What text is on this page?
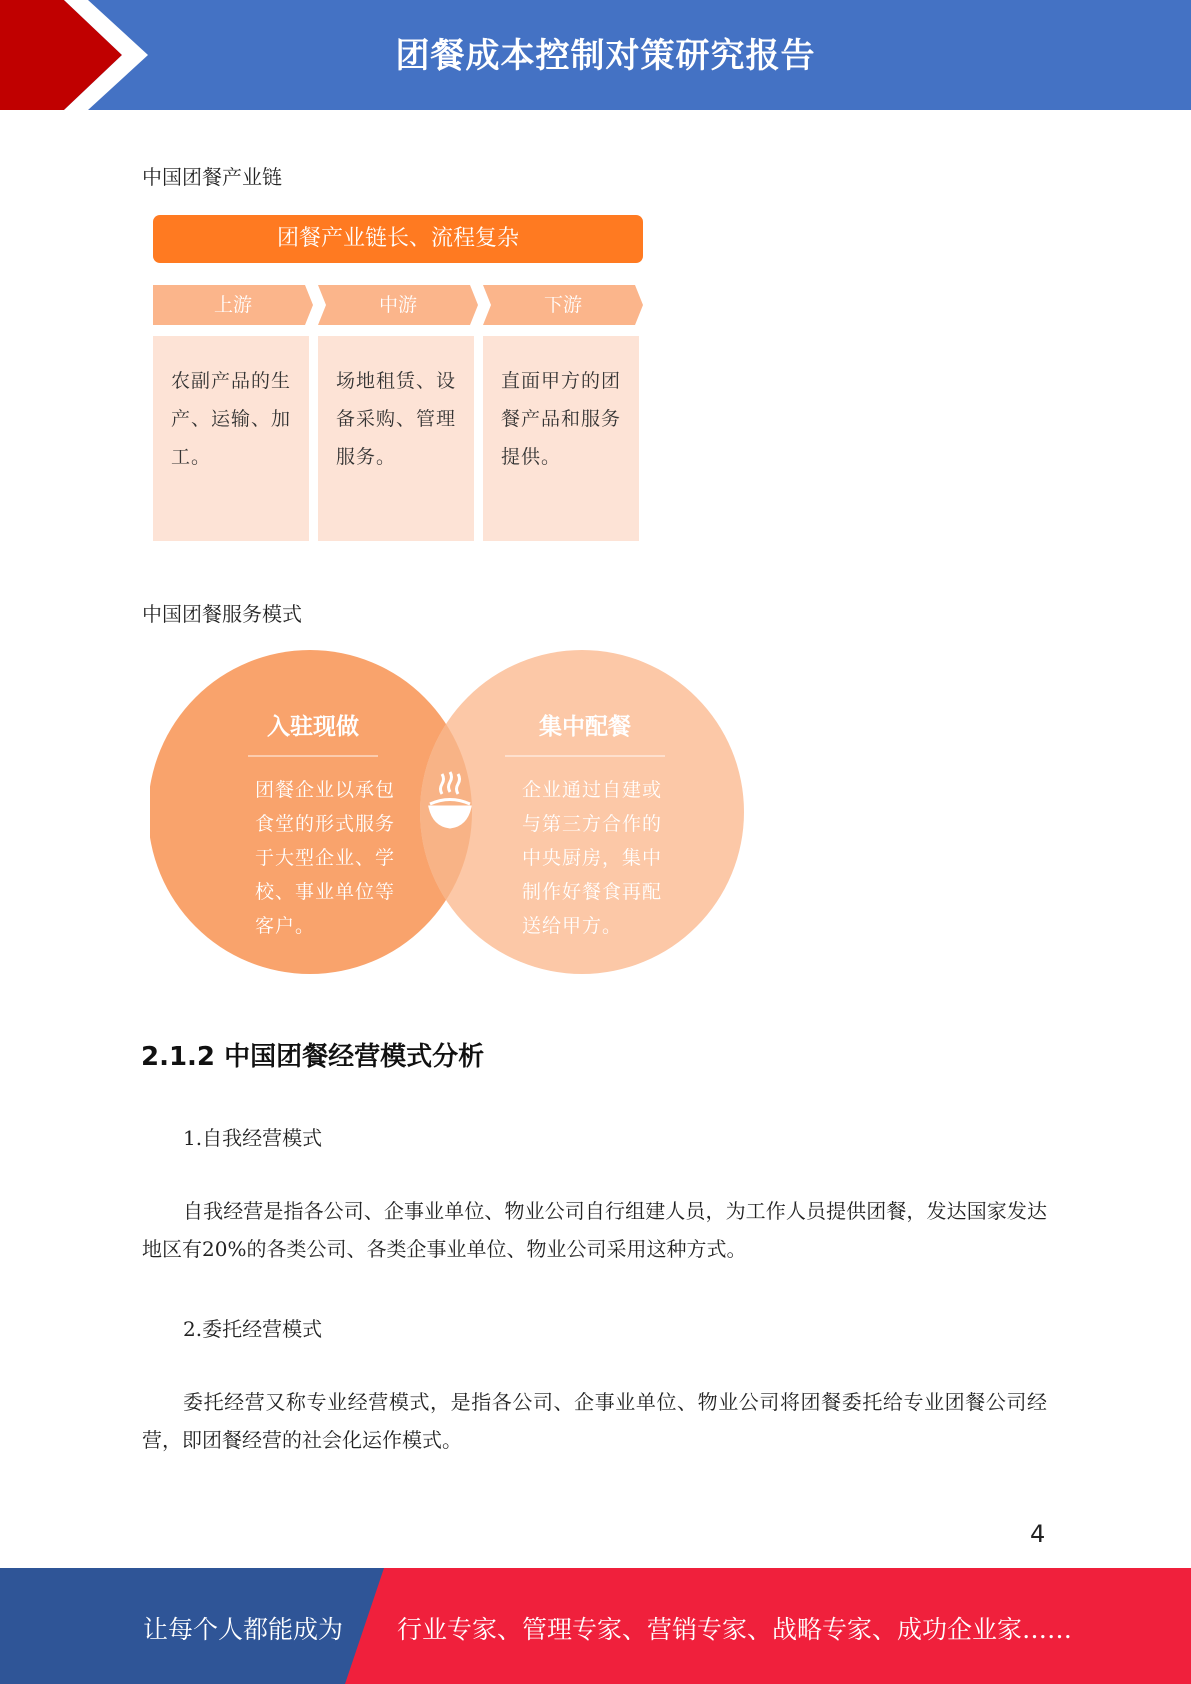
团餐成本控制对策研究报告
中国团餐产业链
团餐产业链长、流程复杂
上游	中游	下游
农副产品的生产、运输、加工。
场地租赁、设备采购、管理服务。
直面甲方的团餐产品和服务提供。
中国团餐服务模式
入驻现做
团餐企业以承包食堂的形式服务于大型企业、学校、事业单位等客户。
集中配餐
企业通过自建或与第三方合作的中央厨房，集中制作好餐食再配送给甲方。
2.1.2 中国团餐经营模式分析
1.自我经营模式
自我经营是指各公司、企事业单位、物业公司自行组建人员，为工作人员提供团餐，发达国家发达地区有20%的各类公司、各类企事业单位、物业公司采用这种方式。
2.委托经营模式
委托经营又称专业经营模式，是指各公司、企事业单位、物业公司将团餐委托给专业团餐公司经营，即团餐经营的社会化运作模式。
4
让每个人都能成为 行业专家、管理专家、营销专家、战略专家、成功企业家……
